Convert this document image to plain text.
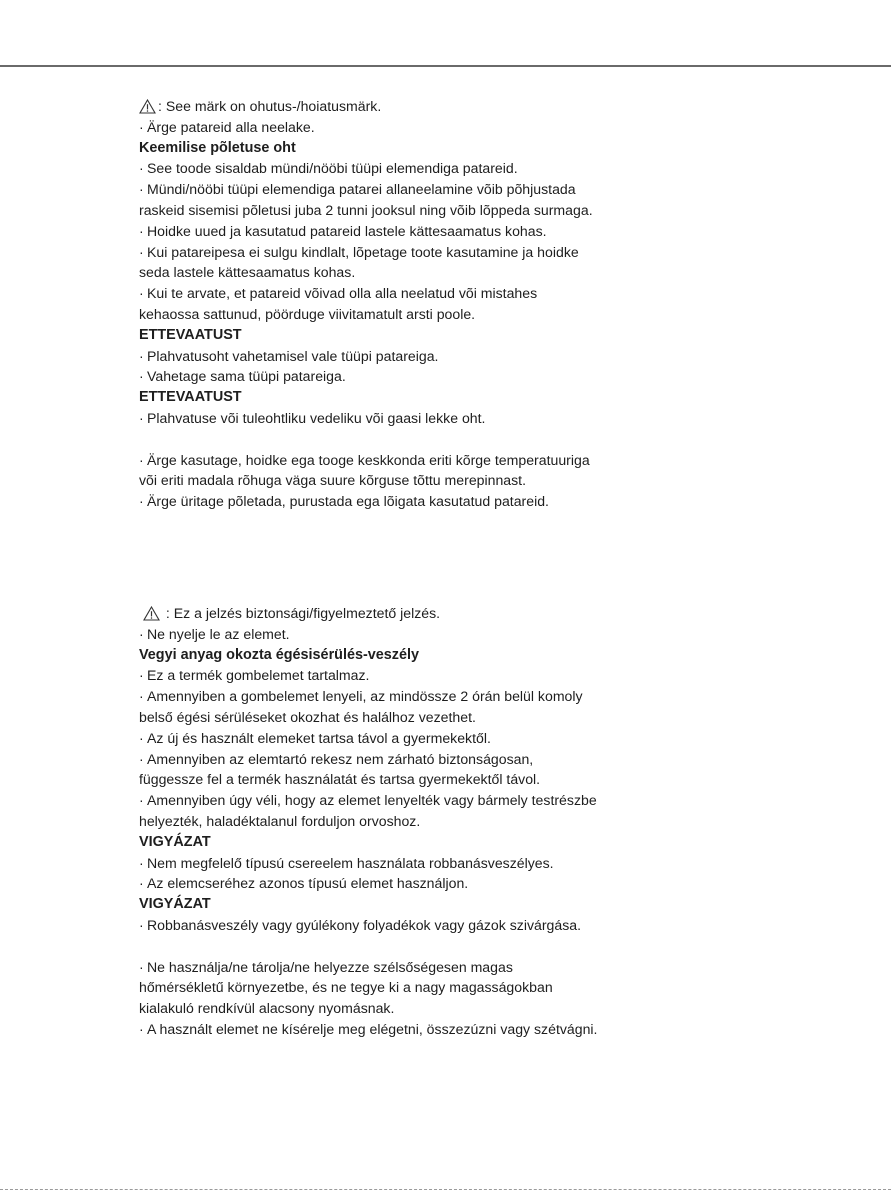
: See märk on ohutus-/hoiatusmärk.
· Ärge patareid alla neelake.
Keemilise põletuse oht
· See toode sisaldab mündi/nööbi tüüpi elemendiga patareid.
· Mündi/nööbi tüüpi elemendiga patarei allaneelamine võib põhjustada
raskeid sisemisi põletusi juba 2 tunni jooksul ning võib lõppeda surmaga.
· Hoidke uued ja kasutatud patareid lastele kättesaamatus kohas.
· Kui patareipesa ei sulgu kindlalt, lõpetage toote kasutamine ja hoidke
seda lastele kättesaamatus kohas.
· Kui te arvate, et patareid võivad olla alla neelatud või mistahes
kehaossa sattunud, pöörduge viivitamatult arsti poole.
ETTEVAATUST
· Plahvatusoht vahetamisel vale tüüpi patareiga.
· Vahetage sama tüüpi patareiga.
ETTEVAATUST
· Plahvatuse või tuleohtliku vedeliku või gaasi lekke oht.
· Ärge kasutage, hoidke ega tooge keskkonda eriti kõrge temperatuuriga
või eriti madala rõhuga väga suure kõrguse tõttu merepinnast.
· Ärge üritage põletada, purustada ega lõigata kasutatud patareid.
: Ez a jelzés biztonsági/figyelmeztető jelzés.
· Ne nyelje le az elemet.
Vegyi anyag okozta égésisérülés-veszély
· Ez a termék gombelemet tartalmaz.
· Amennyiben a gombelemet lenyeli, az mindössze 2 órán belül komoly
belső égési sérüléseket okozhat és halálhoz vezethet.
· Az új és használt elemeket tartsa távol a gyermekektől.
· Amennyiben az elemtartó rekesz nem zárható biztonságosan,
függessze fel a termék használatát és tartsa gyermekektől távol.
· Amennyiben úgy véli, hogy az elemet lenyelték vagy bármely testrészbe
helyezték, haladéktalanul forduljon orvoshoz.
VIGYÁZAT
· Nem megfelelő típusú csereelem használata robbanásveszélyes.
· Az elemcseréhez azonos típusú elemet használjon.
VIGYÁZAT
· Robbanásveszély vagy gyúlékony folyadékok vagy gázok szivárgása.
· Ne használja/ne tárolja/ne helyezze szélsőségesen magas
hőmérsékletű környezetbe, és ne tegye ki a nagy magasságokban
kialakuló rendkívül alacsony nyomásnak.
· A használt elemet ne kísérelje meg elégetni, összezúzni vagy szétvágni.
